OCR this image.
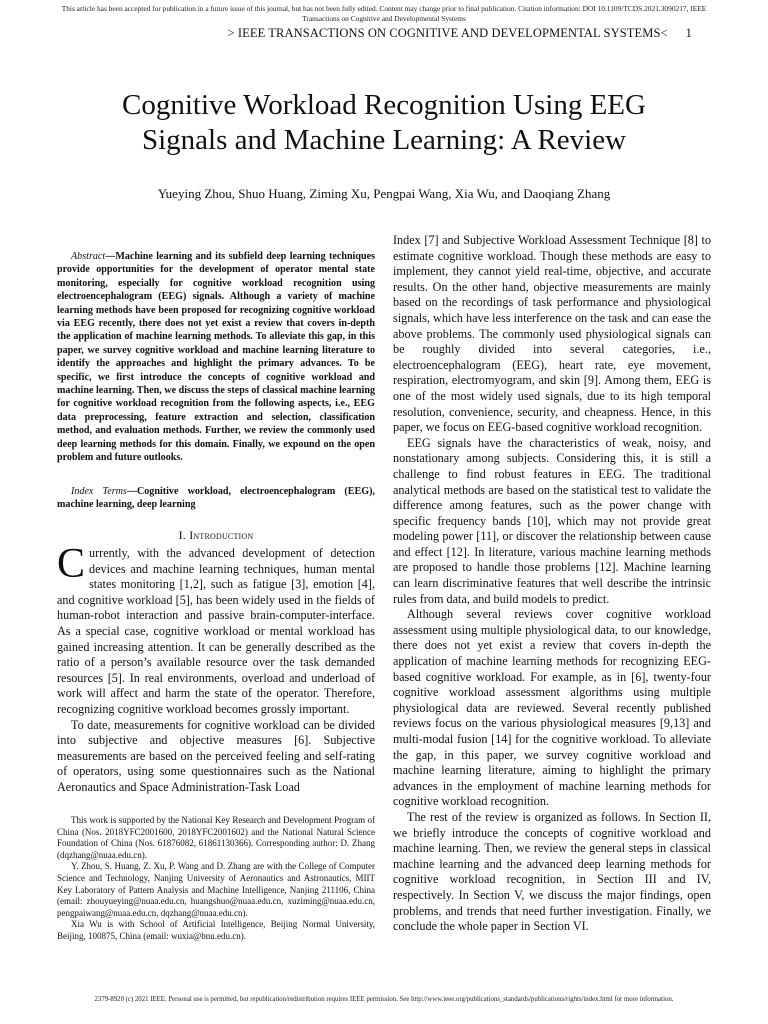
This article has been accepted for publication in a future issue of this journal, but has not been fully edited. Content may change prior to final publication. Citation information: DOI 10.1109/TCDS.2021.3090217, IEEE
Transactions on Cognitive and Developmental Systems
> IEEE TRANSACTIONS ON COGNITIVE AND DEVELOPMENTAL SYSTEMS< 1
Cognitive Workload Recognition Using EEG
Signals and Machine Learning: A Review
Yueying Zhou, Shuo Huang, Ziming Xu, Pengpai Wang, Xia Wu, and Daoqiang Zhang

Abstract—Machine learning and its subfield deep learning techniques provide opportunities for the development of operator mental state monitoring, especially for cognitive workload recognition using electroencephalogram (EEG) signals. Although a variety of machine learning methods have been proposed for recognizing cognitive workload via EEG recently, there does not yet exist a review that covers in-depth the application of machine learning methods. To alleviate this gap, in this paper, we survey cognitive workload and machine learning literature to identify the approaches and highlight the primary advances. To be specific, we first introduce the concepts of cognitive workload and machine learning. Then, we discuss the steps of classical machine learning for cognitive workload recognition from the following aspects, i.e., EEG data preprocessing, feature extraction and selection, classification method, and evaluation methods. Further, we review the commonly used deep learning methods for this domain. Finally, we expound on the open problem and future outlooks.

Index Terms—Cognitive workload, electroencephalogram (EEG), machine learning, deep learning

I. Introduction

Currently, with the advanced development of detection devices and machine learning techniques, human mental states monitoring [1,2], such as fatigue [3], emotion [4], and cognitive workload [5], has been widely used in the fields of human-robot interaction and passive brain-computer-interface. As a special case, cognitive workload or mental workload has gained increasing attention. It can be generally described as the ratio of a person’s available resource over the task demanded resources [5]. In real environments, overload and underload of work will affect and harm the state of the operator. Therefore, recognizing cognitive workload becomes grossly important.

To date, measurements for cognitive workload can be divided into subjective and objective measures [6]. Subjective measurements are based on the perceived feeling and self-rating of operators, using some questionnaires such as the National Aeronautics and Space Administration-Task Load

This work is supported by the National Key Research and Development Program of China (Nos. 2018YFC2001600, 2018YFC2001602) and the National Natural Science Foundation of China (Nos. 61876082, 61861130366). Corresponding author: D. Zhang (dqzhang@nuaa.edu.cn).

Y. Zhou, S. Huang, Z. Xu, P. Wang and D. Zhang are with the College of Computer Science and Technology, Nanjing University of Aeronautics and Astronautics, MIIT Key Laboratory of Pattern Analysis and Machine Intelligence, Nanjing 211106, China (email: zhouyueying@nuaa.edu.cn, huangshuo@nuaa.edu.cn, xuziming@nuaa.edu.cn, pengpaiwang@nuaa.edu.cn, dqzhang@nuaa.edu.cn).

Xia Wu is with School of Artificial Intelligence, Beijing Normal University, Beijing, 100875, China (email: wuxia@bnu.edu.cn).

Index [7] and Subjective Workload Assessment Technique [8] to estimate cognitive workload. Though these methods are easy to implement, they cannot yield real-time, objective, and accurate results. On the other hand, objective measurements are mainly based on the recordings of task performance and physiological signals, which have less interference on the task and can ease the above problems. The commonly used physiological signals can be roughly divided into several categories, i.e., electroencephalogram (EEG), heart rate, eye movement, respiration, electromyogram, and skin [9]. Among them, EEG is one of the most widely used signals, due to its high temporal resolution, convenience, security, and cheapness. Hence, in this paper, we focus on EEG-based cognitive workload recognition.

EEG signals have the characteristics of weak, noisy, and nonstationary among subjects. Considering this, it is still a challenge to find robust features in EEG. The traditional analytical methods are based on the statistical test to validate the difference among features, such as the power change with specific frequency bands [10], which may not provide great modeling power [11], or discover the relationship between cause and effect [12]. In literature, various machine learning methods are proposed to handle those problems [12]. Machine learning can learn discriminative features that well describe the intrinsic rules from data, and build models to predict.

Although several reviews cover cognitive workload assessment using multiple physiological data, to our knowledge, there does not yet exist a review that covers in-depth the application of machine learning methods for recognizing EEG-based cognitive workload. For example, as in [6], twenty-four cognitive workload assessment algorithms using multiple physiological data are reviewed. Several recently published reviews focus on the various physiological measures [9,13] and multi-modal fusion [14] for the cognitive workload. To alleviate the gap, in this paper, we survey cognitive workload and machine learning literature, aiming to highlight the primary advances in the employment of machine learning methods for cognitive workload recognition.

The rest of the review is organized as follows. In Section II, we briefly introduce the concepts of cognitive workload and machine learning. Then, we review the general steps in classical machine learning and the advanced deep learning methods for cognitive workload recognition, in Section III and IV, respectively. In Section V, we discuss the major findings, open problems, and trends that need further investigation. Finally, we conclude the whole paper in Section VI.

2379-8920 (c) 2021 IEEE. Personal use is permitted, but republication/redistribution requires IEEE permission. See http://www.ieee.org/publications_standards/publications/rights/index.html for more information.
